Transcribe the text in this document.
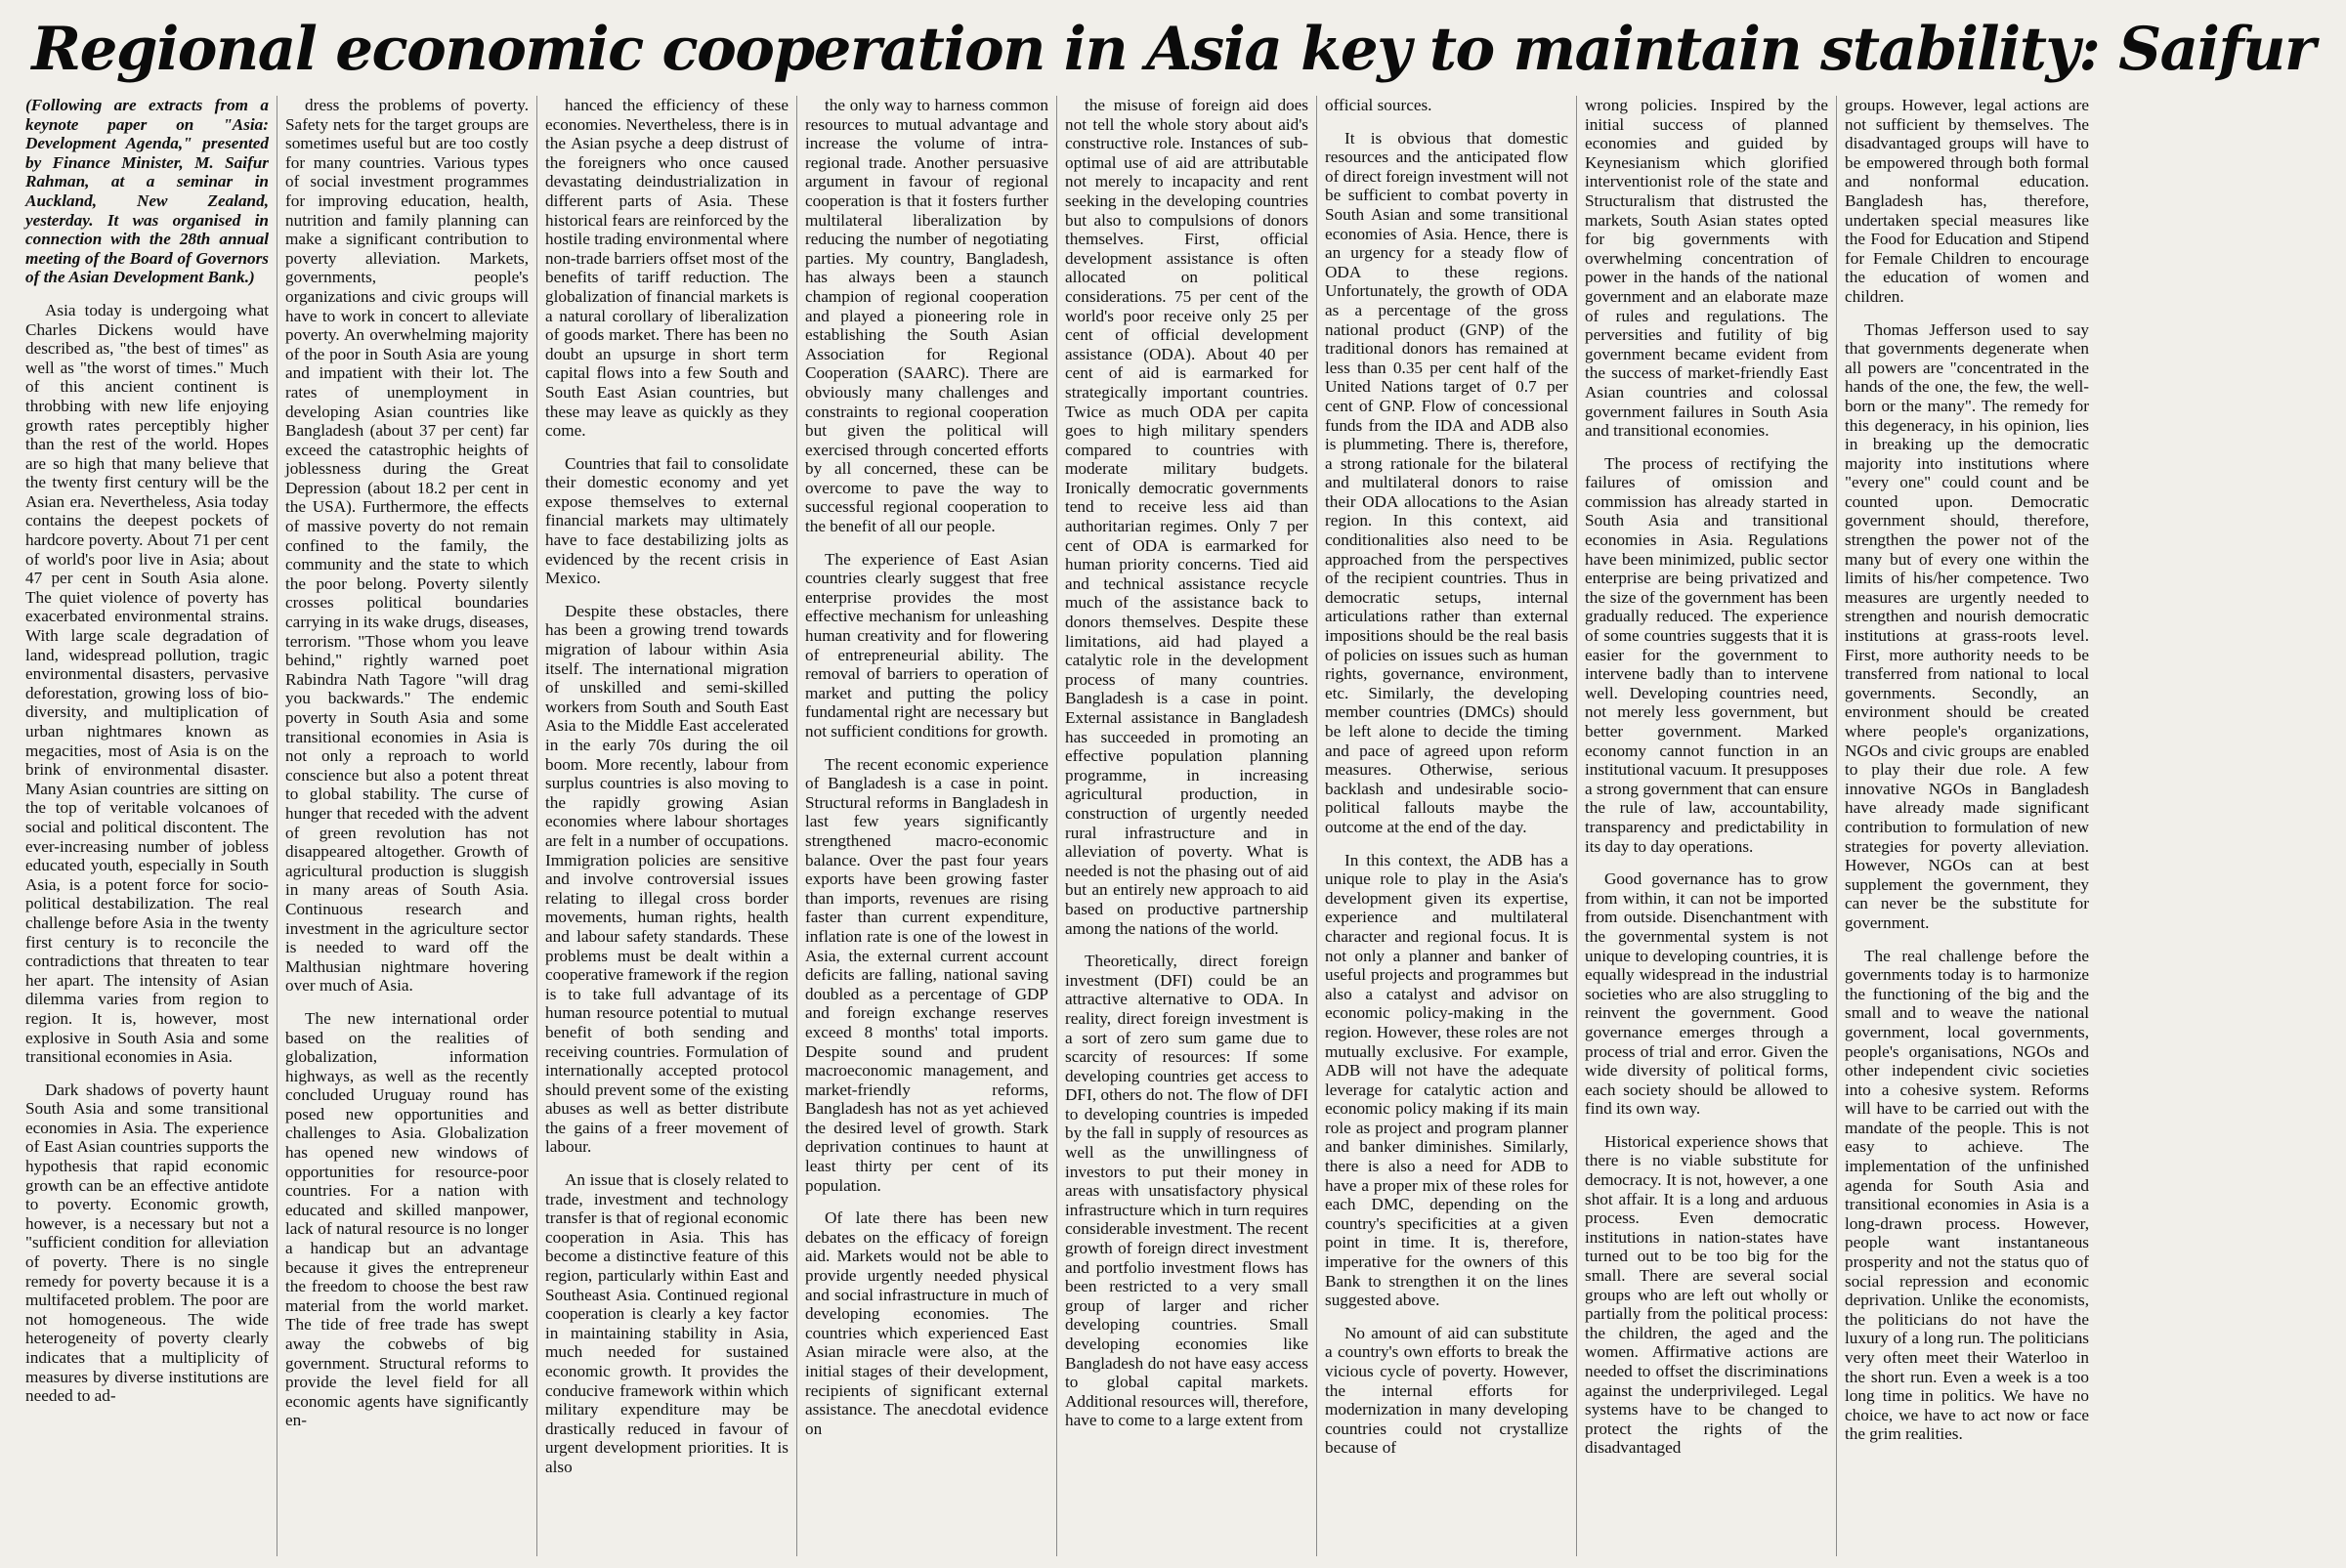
Regional economic cooperation in Asia key to maintain stability: Saifur

(Following are extracts from a keynote paper on "Asia: Development Agenda," presented by Finance Minister, M. Saifur Rahman, at a seminar in Auckland, New Zealand, yesterday. It was organised in connection with the 28th annual meeting of the Board of Governors of the Asian Development Bank.)

Asia today is undergoing what Charles Dickens would have described as, "the best of times" as well as "the worst of times." Much of this ancient continent is throbbing with new life enjoying growth rates perceptibly higher than the rest of the world. Hopes are so high that many believe that the twenty first century will be the Asian era. Nevertheless, Asia today contains the deepest pockets of hardcore poverty. About 71 per cent of world's poor live in Asia; about 47 per cent in South Asia alone. The quiet violence of poverty has exacerbated environmental strains. With large scale degradation of land, widespread pollution, tragic environmental disasters, pervasive deforestation, growing loss of bio-diversity, and multiplication of urban nightmares known as megacities, most of Asia is on the brink of environmental disaster. Many Asian countries are sitting on the top of veritable volcanoes of social and political discontent. The ever-increasing number of jobless educated youth, especially in South Asia, is a potent force for socio-political destabilization. The real challenge before Asia in the twenty first century is to reconcile the contradictions that threaten to tear her apart. The intensity of Asian dilemma varies from region to region. It is, however, most explosive in South Asia and some transitional economies in Asia.

Dark shadows of poverty haunt South Asia and some transitional economies in Asia. The experience of East Asian countries supports the hypothesis that rapid economic growth can be an effective antidote to poverty. Economic growth, however, is a necessary but not a "sufficient condition for alleviation of poverty. There is no single remedy for poverty because it is a multifaceted problem. The poor are not homogeneous. The wide heterogeneity of poverty clearly indicates that a multiplicity of measures by diverse institutions are needed to ad-

dress the problems of poverty. Safety nets for the target groups are sometimes useful but are too costly for many countries. Various types of social investment programmes for improving education, health, nutrition and family planning can make a significant contribution to poverty alleviation. Markets, governments, people's organizations and civic groups will have to work in concert to alleviate poverty. An overwhelming majority of the poor in South Asia are young and impatient with their lot. The rates of unemployment in developing Asian countries like Bangladesh (about 37 per cent) far exceed the catastrophic heights of joblessness during the Great Depression (about 18.2 per cent in the USA). Furthermore, the effects of massive poverty do not remain confined to the family, the community and the state to which the poor belong. Poverty silently crosses political boundaries carrying in its wake drugs, diseases, terrorism. "Those whom you leave behind," rightly warned poet Rabindra Nath Tagore "will drag you backwards." The endemic poverty in South Asia and some transitional economies in Asia is not only a reproach to world conscience but also a potent threat to global stability. The curse of hunger that receded with the advent of green revolution has not disappeared altogether. Growth of agricultural production is sluggish in many areas of South Asia. Continuous research and investment in the agriculture sector is needed to ward off the Malthusian nightmare hovering over much of Asia.

The new international order based on the realities of globalization, information highways, as well as the recently concluded Uruguay round has posed new opportunities and challenges to Asia. Globalization has opened new windows of opportunities for resource-poor countries. For a nation with educated and skilled manpower, lack of natural resource is no longer a handicap but an advantage because it gives the entrepreneur the freedom to choose the best raw material from the world market. The tide of free trade has swept away the cobwebs of big government. Structural reforms to provide the level field for all economic agents have significantly en-

hanced the efficiency of these economies. Nevertheless, there is in the Asian psyche a deep distrust of the foreigners who once caused devastating deindustrialization in different parts of Asia. These historical fears are reinforced by the hostile trading environmental where non-trade barriers offset most of the benefits of tariff reduction. The globalization of financial markets is a natural corollary of liberalization of goods market. There has been no doubt an upsurge in short term capital flows into a few South and South East Asian countries, but these may leave as quickly as they come.

Countries that fail to consolidate their domestic economy and yet expose themselves to external financial markets may ultimately have to face destabilizing jolts as evidenced by the recent crisis in Mexico.

Despite these obstacles, there has been a growing trend towards migration of labour within Asia itself. The international migration of unskilled and semi-skilled workers from South and South East Asia to the Middle East accelerated in the early 70s during the oil boom. More recently, labour from surplus countries is also moving to the rapidly growing Asian economies where labour shortages are felt in a number of occupations. Immigration policies are sensitive and involve controversial issues relating to illegal cross border movements, human rights, health and labour safety standards. These problems must be dealt within a cooperative framework if the region is to take full advantage of its human resource potential to mutual benefit of both sending and receiving countries. Formulation of internationally accepted protocol should prevent some of the existing abuses as well as better distribute the gains of a freer movement of labour.

An issue that is closely related to trade, investment and technology transfer is that of regional economic cooperation in Asia. This has become a distinctive feature of this region, particularly within East and Southeast Asia. Continued regional cooperation is clearly a key factor in maintaining stability in Asia, much needed for sustained economic growth. It provides the conducive framework within which military expenditure may be drastically reduced in favour of urgent development priorities. It is also

the only way to harness common resources to mutual advantage and increase the volume of intra-regional trade. Another persuasive argument in favour of regional cooperation is that it fosters further multilateral liberalization by reducing the number of negotiating parties. My country, Bangladesh, has always been a staunch champion of regional cooperation and played a pioneering role in establishing the South Asian Association for Regional Cooperation (SAARC). There are obviously many challenges and constraints to regional cooperation but given the political will exercised through concerted efforts by all concerned, these can be overcome to pave the way to successful regional cooperation to the benefit of all our people.

The experience of East Asian countries clearly suggest that free enterprise provides the most effective mechanism for unleashing human creativity and for flowering of entrepreneurial ability. The removal of barriers to operation of market and putting the policy fundamental right are necessary but not sufficient conditions for growth.

The recent economic experience of Bangladesh is a case in point. Structural reforms in Bangladesh in last few years significantly strengthened macro-economic balance. Over the past four years exports have been growing faster than imports, revenues are rising faster than current expenditure, inflation rate is one of the lowest in Asia, the external current account deficits are falling, national saving doubled as a percentage of GDP and foreign exchange reserves exceed 8 months' total imports. Despite sound and prudent macroeconomic management, and market-friendly reforms, Bangladesh has not as yet achieved the desired level of growth. Stark deprivation continues to haunt at least thirty per cent of its population.

Of late there has been new debates on the efficacy of foreign aid. Markets would not be able to provide urgently needed physical and social infrastructure in much of developing economies. The countries which experienced East Asian miracle were also, at the initial stages of their development, recipients of significant external assistance. The anecdotal evidence on

the misuse of foreign aid does not tell the whole story about aid's constructive role. Instances of sub-optimal use of aid are attributable not merely to incapacity and rent seeking in the developing countries but also to compulsions of donors themselves. First, official development assistance is often allocated on political considerations. 75 per cent of the world's poor receive only 25 per cent of official development assistance (ODA). About 40 per cent of aid is earmarked for strategically important countries. Twice as much ODA per capita goes to high military spenders compared to countries with moderate military budgets. Ironically democratic governments tend to receive less aid than authoritarian regimes. Only 7 per cent of ODA is earmarked for human priority concerns. Tied aid and technical assistance recycle much of the assistance back to donors themselves. Despite these limitations, aid had played a catalytic role in the development process of many countries. Bangladesh is a case in point. External assistance in Bangladesh has succeeded in promoting an effective population planning programme, in increasing agricultural production, in construction of urgently needed rural infrastructure and in alleviation of poverty. What is needed is not the phasing out of aid but an entirely new approach to aid based on productive partnership among the nations of the world.

Theoretically, direct foreign investment (DFI) could be an attractive alternative to ODA. In reality, direct foreign investment is a sort of zero sum game due to scarcity of resources: If some developing countries get access to DFI, others do not. The flow of DFI to developing countries is impeded by the fall in supply of resources as well as the unwillingness of investors to put their money in areas with unsatisfactory physical infrastructure which in turn requires considerable investment. The recent growth of foreign direct investment and portfolio investment flows has been restricted to a very small group of larger and richer developing countries. Small developing economies like Bangladesh do not have easy access to global capital markets. Additional resources will, therefore, have to come to a large extent from

official sources.

It is obvious that domestic resources and the anticipated flow of direct foreign investment will not be sufficient to combat poverty in South Asian and some transitional economies of Asia. Hence, there is an urgency for a steady flow of ODA to these regions. Unfortunately, the growth of ODA as a percentage of the gross national product (GNP) of the traditional donors has remained at less than 0.35 per cent half of the United Nations target of 0.7 per cent of GNP. Flow of concessional funds from the IDA and ADB also is plummeting. There is, therefore, a strong rationale for the bilateral and multilateral donors to raise their ODA allocations to the Asian region. In this context, aid conditionalities also need to be approached from the perspectives of the recipient countries. Thus in democratic setups, internal articulations rather than external impositions should be the real basis of policies on issues such as human rights, governance, environment, etc. Similarly, the developing member countries (DMCs) should be left alone to decide the timing and pace of agreed upon reform measures. Otherwise, serious backlash and undesirable socio-political fallouts maybe the outcome at the end of the day.

In this context, the ADB has a unique role to play in the Asia's development given its expertise, experience and multilateral character and regional focus. It is not only a planner and banker of useful projects and programmes but also a catalyst and advisor on economic policy-making in the region. However, these roles are not mutually exclusive. For example, ADB will not have the adequate leverage for catalytic action and economic policy making if its main role as project and program planner and banker diminishes. Similarly, there is also a need for ADB to have a proper mix of these roles for each DMC, depending on the country's specificities at a given point in time. It is, therefore, imperative for the owners of this Bank to strengthen it on the lines suggested above.

No amount of aid can substitute a country's own efforts to break the vicious cycle of poverty. However, the internal efforts for modernization in many developing countries could not crystallize because of

wrong policies. Inspired by the initial success of planned economies and guided by Keynesianism which glorified interventionist role of the state and Structuralism that distrusted the markets, South Asian states opted for big governments with overwhelming concentration of power in the hands of the national government and an elaborate maze of rules and regulations. The perversities and futility of big government became evident from the success of market-friendly East Asian countries and colossal government failures in South Asia and transitional economies.

The process of rectifying the failures of omission and commission has already started in South Asia and transitional economies in Asia. Regulations have been minimized, public sector enterprise are being privatized and the size of the government has been gradually reduced. The experience of some countries suggests that it is easier for the government to intervene badly than to intervene well. Developing countries need, not merely less government, but better government. Marked economy cannot function in an institutional vacuum. It presupposes a strong government that can ensure the rule of law, accountability, transparency and predictability in its day to day operations.

Good governance has to grow from within, it can not be imported from outside. Disenchantment with the governmental system is not unique to developing countries, it is equally widespread in the industrial societies who are also struggling to reinvent the government. Good governance emerges through a process of trial and error. Given the wide diversity of political forms, each society should be allowed to find its own way.

Historical experience shows that there is no viable substitute for democracy. It is not, however, a one shot affair. It is a long and arduous process. Even democratic institutions in nation-states have turned out to be too big for the small. There are several social groups who are left out wholly or partially from the political process: the children, the aged and the women. Affirmative actions are needed to offset the discriminations against the underprivileged. Legal systems have to be changed to protect the rights of the disadvantaged

groups. However, legal actions are not sufficient by themselves. The disadvantaged groups will have to be empowered through both formal and nonformal education. Bangladesh has, therefore, undertaken special measures like the Food for Education and Stipend for Female Children to encourage the education of women and children.

Thomas Jefferson used to say that governments degenerate when all powers are "concentrated in the hands of the one, the few, the well-born or the many". The remedy for this degeneracy, in his opinion, lies in breaking up the democratic majority into institutions where "every one" could count and be counted upon. Democratic government should, therefore, strengthen the power not of the many but of every one within the limits of his/her competence. Two measures are urgently needed to strengthen and nourish democratic institutions at grass-roots level. First, more authority needs to be transferred from national to local governments. Secondly, an environment should be created where people's organizations, NGOs and civic groups are enabled to play their due role. A few innovative NGOs in Bangladesh have already made significant contribution to formulation of new strategies for poverty alleviation. However, NGOs can at best supplement the government, they can never be the substitute for government.

The real challenge before the governments today is to harmonize the functioning of the big and the small and to weave the national government, local governments, people's organisations, NGOs and other independent civic societies into a cohesive system. Reforms will have to be carried out with the mandate of the people. This is not easy to achieve. The implementation of the unfinished agenda for South Asia and transitional economies in Asia is a long-drawn process. However, people want instantaneous prosperity and not the status quo of social repression and economic deprivation. Unlike the economists, the politicians do not have the luxury of a long run. The politicians very often meet their Waterloo in the short run. Even a week is a too long time in politics. We have no choice, we have to act now or face the grim realities.
